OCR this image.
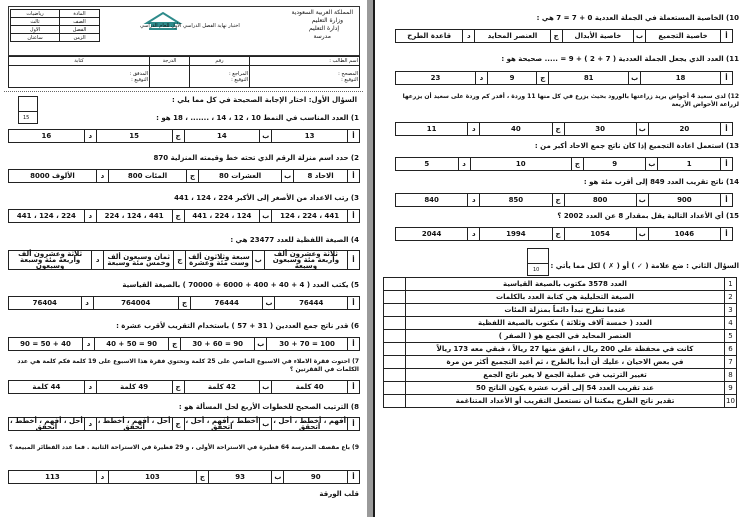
المملكة العربية السعودية
وزارة التعليم
إدارة التعليم
مدرسة
اختبار نهاية الفصل الدراسي الأول للعام الدراسي
المادة	رياضيات
الصف	ثالث
الفصل	الاول
الزمن	ساعتان
اسم الطالب :	رقم	الدرجة	كتابة
المصحح :
التوقيع :	المراجع :
التوقيع :		المدقق :
التوقيع :
15
السؤال الأول: اختار الإجابة الصحيحة في كل مما يلي :
1) العدد المناسب في النمط 10 ، 12 ، 14 ، ....... ، 18 هو :
أ	13	ب	14	ج	15	د	16
2) حدد اسم منزلة الرقم الذي تحته خط وقيمته المنزلية 870
أ	الاحاد 8	ب	العشرات 80	ج	المئات 800	د	الألوف 8000
3) رتب الاعداد من الأصغر إلى الأكبر 224 ، 124 ، 441
أ	441 ، 224 ، 124	ب	124 ، 224 ، 441	ج	441 ، 124 ، 224	د	224 ، 124 ، 441
4) الصيغة اللفظية للعدد 23477 هي :
أ	ثلاثة وعشرون ألف وأربعة مئة وسبعون وسبعة	ب	سبعة وثلاثون ألف وست مئة وعشرة	ج	ثمان وسبعون ألف وخمس مئة وسبعة	د	ثلاثة وعشرون ألف وأربعة مئة وسبعة وسبعون
5) يكتب العدد ( 4 + 40 + 400 + 6000 + 70000 ) بالصيغة القياسية
أ	76444	ب	76444	ج	764004	د	76404
6) قدر ناتج جمع العددين ( 31 + 57 ) باستخدام التقريب لأقرب عشرة :
أ	100 = 70 + 30	ب	90 = 60 + 30	ج	90 = 50 + 40	د	40 + 50 = 90
7) احتوت فقرة الاملاء في الاسبوع الماضي على 25 كلمة وتحتوي فقرة هذا الاسبوع على 19 كلمة فكم كلمة هي عدد الكلمات في الفقرتين ؟
أ	40 كلمة	ب	42 كلمة	ج	49 كلمة	د	44 كلمة
8) الترتيب الصحيح للخطوات الأربع لحل المسألة هو :
أ	أفهم ، أخطط ، أحل ، أتحقق	ب	أخطط ، أفهم ، أحل ، أتحقق	ج	أحل ، أفهم ، أخطط ، أتحقق	د	أحل ، أفهم ، أخطط ، أتحقق
9) باع مقصف المدرسة 64 فطيرة في الاستراحة الأولى ، و 29 فطيرة في الاستراحة الثانية . فما عدد الفطائر المبيعة ؟
أ	90	ب	93	ج	103	د	113
قلب الورقة
10) الخاصية المستعملة في الجملة العددية 0 + 7 = 7 هي :
أ	خاصية التجميع	ب	خاصية الأبدال	ج	العنصر المحايد	د	قاعدة الطرح
11) العدد الذي يجعل الجملة العددية ( 7 + 2 ) + 9 = ..... صحيحة هو :
أ	18	ب	81	ج	9	د	23
12) لدى سعيد 4 أحواض يريد زراعتها بالورود بحيث يزرع في كل منها 11 وردة ، أقدر كم وردة على سعيد أن يزرعها لزراعة الأحواض الأربعة
أ	20	ب	30	ج	40	د	11
13) استعمل اعادة التجميع إذا كان ناتج جمع الاحاد أكبر من :
أ	1	ب	9	ج	10	د	5
14) ناتج تقريب العدد 849 إلى أقرب مئة هو :
أ	900	ب	800	ج	850	د	840
15) أي الأعداد التالية يقل بمقدار 8 عن العدد 2002 ؟
أ	1046	ب	1054	ج	1994	د	2044
10 السؤال الثاني : ضع علامة ( ✓ ) أو ( ✗ ) لكل مما يأتي :
1	العدد 3578 مكتوب بالصيغة القياسية	
2	الصيغة التحليلية هي كتابة العدد بالكلمات	
3	عندما نطرح نبدأ دائماً بمنزلة المئات	
4	العدد ( خمسة آلاف وثلاثة ) مكتوب بالصيغة اللفظية	
5	العنصر المحايد في الجمع هو ( الصفر )	
6	كانت في محفظة علي 200 ريال ، انفق منها 27 ريالاً ، فبقي معه 173 ريالاً	
7	في بعض الاحيان ، عليك أن أبدأ بالطرح ، ثم أعيد التجميع أكثر من مرة	
8	تغيير الترتيب في عملية الجمع لا يغير ناتج الجمع	
9	عند تقريب العدد 54 إلى أقرب عشرة يكون الناتج 50	
10	تقدير ناتج الطرح يمكننا أن نستعمل التقريب أو الأعداد المتناغمة	
